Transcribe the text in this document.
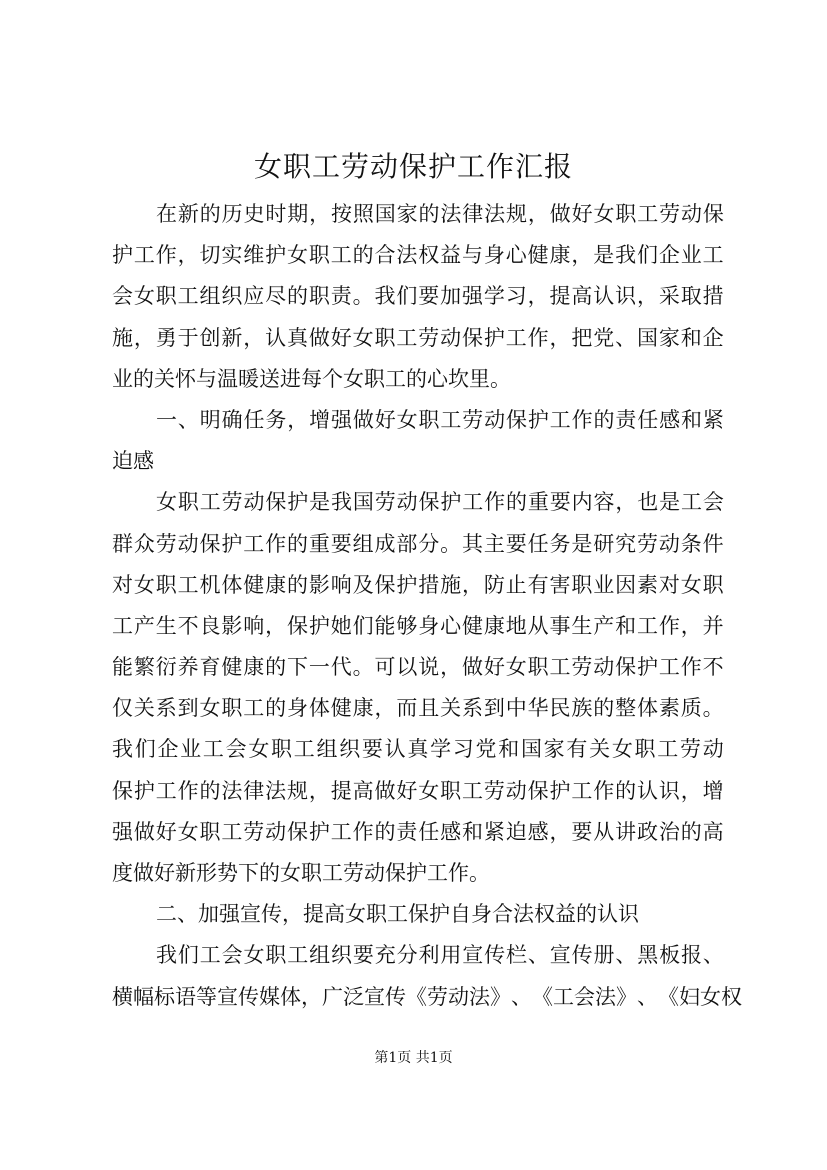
女职工劳动保护工作汇报
在 新 的 历 史 时 期 ， 按 照 国 家 的 法 律 法 规 ， 做 好 女 职 工 劳 动 保
护 工 作 ， 切 实 维 护 女 职 工 的 合 法 权 益 与 身 心 健 康 ， 是 我 们 企 业 工
会 女 职 工 组 织 应 尽 的 职 责 。 我 们 要 加 强 学 习 ， 提 高 认 识 ， 采 取 措
施 ， 勇 于 创 新 ， 认 真 做 好 女 职 工 劳 动 保 护 工 作 ， 把 党 、 国 家 和 企
业的关怀与温暖送进每个女职工的心坎里。
一 、 明 确 任 务 ， 增 强 做 好 女 职 工 劳 动 保 护 工 作 的 责 任 感 和 紧
迫感
女 职 工 劳 动 保 护 是 我 国 劳 动 保 护 工 作 的 重 要 内 容 ， 也 是 工 会
群 众 劳 动 保 护 工 作 的 重 要 组 成 部 分 。 其 主 要 任 务 是 研 究 劳 动 条 件
对 女 职 工 机 体 健 康 的 影 响 及 保 护 措 施 ， 防 止 有 害 职 业 因 素 对 女 职
工 产 生 不 良 影 响 ， 保 护 她 们 能 够 身 心 健 康 地 从 事 生 产 和 工 作 ， 并
能 繁 衍 养 育 健 康 的 下 一 代 。 可 以 说 ， 做 好 女 职 工 劳 动 保 护 工 作 不
仅 关 系 到 女 职 工 的 身 体 健 康 ， 而 且 关 系 到 中 华 民 族 的 整 体 素 质 。
我 们 企 业 工 会 女 职 工 组 织 要 认 真 学 习 党 和 国 家 有 关 女 职 工 劳 动
保 护 工 作 的 法 律 法 规 ， 提 高 做 好 女 职 工 劳 动 保 护 工 作 的 认 识 ， 增
强 做 好 女 职 工 劳 动 保 护 工 作 的 责 任 感 和 紧 迫 感 ， 要 从 讲 政 治 的 高
度做好新形势下的女职工劳动保护工作。
二、加强宣传，提高女职工保护自身合法权益的认识
我 们 工 会 女 职 工 组 织 要 充 分 利 用 宣 传 栏 、 宣 传 册 、 黑 板 报 、
横 幅 标 语 等 宣 传 媒 体 ， 广 泛 宣 传 《 劳 动 法 》 、 《 工 会 法 》 、 《 妇 女 权
第1页 共1页
